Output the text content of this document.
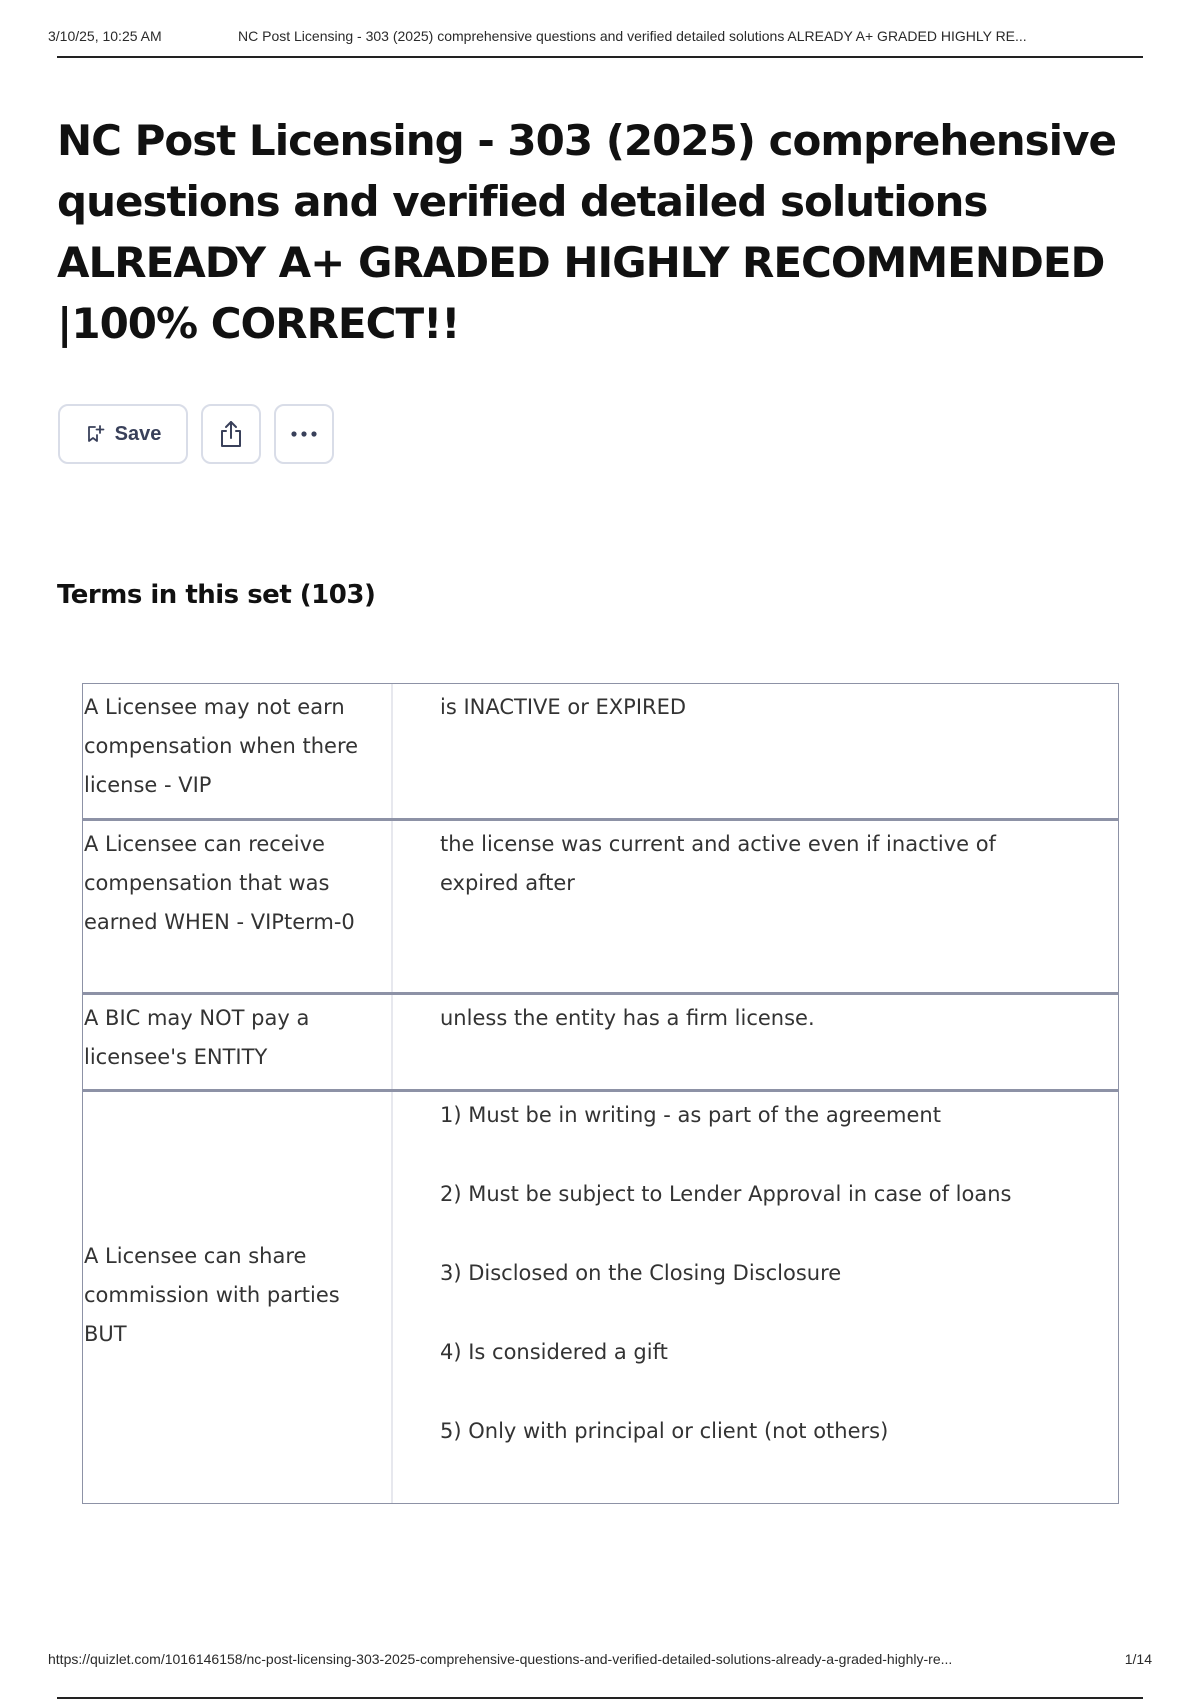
3/10/25, 10:25 AM	NC Post Licensing - 303 (2025) comprehensive questions and verified detailed solutions ALREADY A+ GRADED HIGHLY RE...
NC Post Licensing - 303 (2025) comprehensive questions and verified detailed solutions ALREADY A+ GRADED HIGHLY RECOMMENDED |100% CORRECT!!
Save
Terms in this set (103)
A Licensee may not earn compensation when there license - VIP
is INACTIVE or EXPIRED
A Licensee can receive compensation that was earned WHEN - VIPterm-0
the license was current and active even if inactive of expired after
A BIC may NOT pay a licensee's ENTITY
unless the entity has a firm license.
A Licensee can share commission with parties BUT
1) Must be in writing - as part of the agreement
2) Must be subject to Lender Approval in case of loans
3) Disclosed on the Closing Disclosure
4) Is considered a gift
5) Only with principal or client (not others)
https://quizlet.com/1016146158/nc-post-licensing-303-2025-comprehensive-questions-and-verified-detailed-solutions-already-a-graded-highly-re...	1/14
